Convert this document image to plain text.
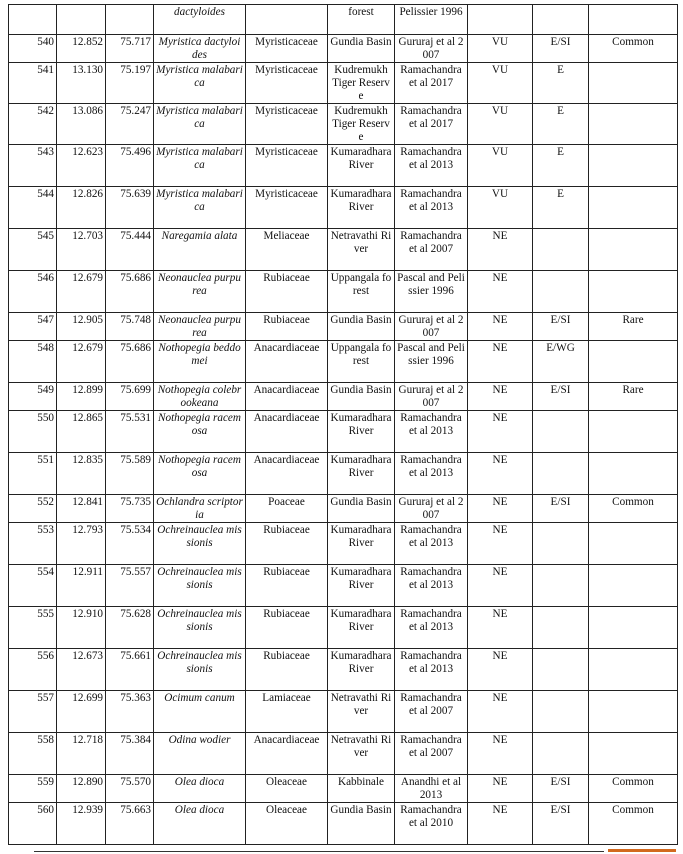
			dactyloides		forest	Pelissier 1996			
540	12.852	75.717	Myristica dactyloides	Myristicaceae	Gundia Basin	Gururaj et al 2007	VU	E/SI	Common
541	13.130	75.197	Myristica malabarica	Myristicaceae	Kudremukh Tiger Reserve	Ramachandra et al 2017	VU	E	
542	13.086	75.247	Myristica malabarica	Myristicaceae	Kudremukh Tiger Reserve	Ramachandra et al 2017	VU	E	
543	12.623	75.496	Myristica malabarica	Myristicaceae	Kumaradhara River	Ramachandra et al 2013	VU	E	
544	12.826	75.639	Myristica malabarica	Myristicaceae	Kumaradhara River	Ramachandra et al 2013	VU	E	
545	12.703	75.444	Naregamia alata	Meliaceae	Netravathi River	Ramachandra et al 2007	NE		
546	12.679	75.686	Neonauclea purpurea	Rubiaceae	Uppangala forest	Pascal and Pelissier 1996	NE		
547	12.905	75.748	Neonauclea purpurea	Rubiaceae	Gundia Basin	Gururaj et al 2007	NE	E/SI	Rare
548	12.679	75.686	Nothopegia beddomei	Anacardiaceae	Uppangala forest	Pascal and Pelissier 1996	NE	E/WG	
549	12.899	75.699	Nothopegia colebrookeana	Anacardiaceae	Gundia Basin	Gururaj et al 2007	NE	E/SI	Rare
550	12.865	75.531	Nothopegia racemosa	Anacardiaceae	Kumaradhara River	Ramachandra et al 2013	NE		
551	12.835	75.589	Nothopegia racemosa	Anacardiaceae	Kumaradhara River	Ramachandra et al 2013	NE		
552	12.841	75.735	Ochlandra scriptoria	Poaceae	Gundia Basin	Gururaj et al 2007	NE	E/SI	Common
553	12.793	75.534	Ochreinauclea missionis	Rubiaceae	Kumaradhara River	Ramachandra et al 2013	NE		
554	12.911	75.557	Ochreinauclea missionis	Rubiaceae	Kumaradhara River	Ramachandra et al 2013	NE		
555	12.910	75.628	Ochreinauclea missionis	Rubiaceae	Kumaradhara River	Ramachandra et al 2013	NE		
556	12.673	75.661	Ochreinauclea missionis	Rubiaceae	Kumaradhara River	Ramachandra et al 2013	NE		
557	12.699	75.363	Ocimum canum	Lamiaceae	Netravathi River	Ramachandra et al 2007	NE		
558	12.718	75.384	Odina wodier	Anacardiaceae	Netravathi River	Ramachandra et al 2007	NE		
559	12.890	75.570	Olea dioca	Oleaceae	Kabbinale	Anandhi et al 2013	NE	E/SI	Common
560	12.939	75.663	Olea dioca	Oleaceae	Gundia Basin	Ramachandra et al 2010	NE	E/SI	Common
